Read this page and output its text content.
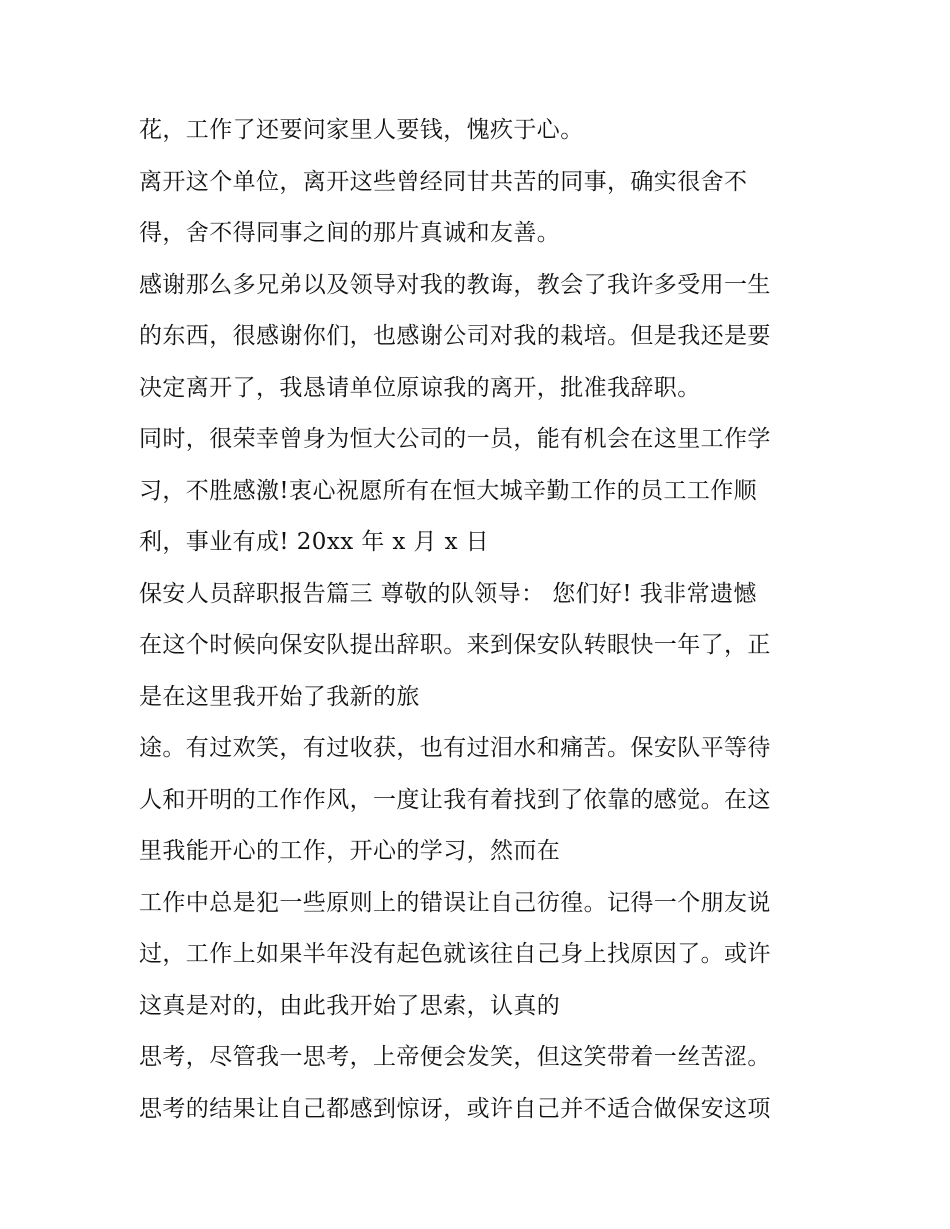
花，工作了还要问家里人要钱，愧疚于心。
离开这个单位，离开这些曾经同甘共苦的同事，确实很舍不
得，舍不得同事之间的那片真诚和友善。
感谢那么多兄弟以及领导对我的教诲，教会了我许多受用一生
的东西，很感谢你们，也感谢公司对我的栽培。但是我还是要
决定离开了，我恳请单位原谅我的离开，批准我辞职。
同时，很荣幸曾身为恒大公司的一员，能有机会在这里工作学
习，不胜感激!衷心祝愿所有在恒大城辛勤工作的员工工作顺
利，事业有成! 20xx 年 x 月 x 日
保安人员辞职报告篇三 尊敬的队领导： 您们好! 我非常遗憾
在这个时候向保安队提出辞职。来到保安队转眼快一年了，正
是在这里我开始了我新的旅
途。有过欢笑，有过收获，也有过泪水和痛苦。保安队平等待
人和开明的工作作风，一度让我有着找到了依靠的感觉。在这
里我能开心的工作，开心的学习，然而在
工作中总是犯一些原则上的错误让自己彷徨。记得一个朋友说
过，工作上如果半年没有起色就该往自己身上找原因了。或许
这真是对的，由此我开始了思索，认真的
思考，尽管我一思考，上帝便会发笑，但这笑带着一丝苦涩。
思考的结果让自己都感到惊讶，或许自己并不适合做保安这项
